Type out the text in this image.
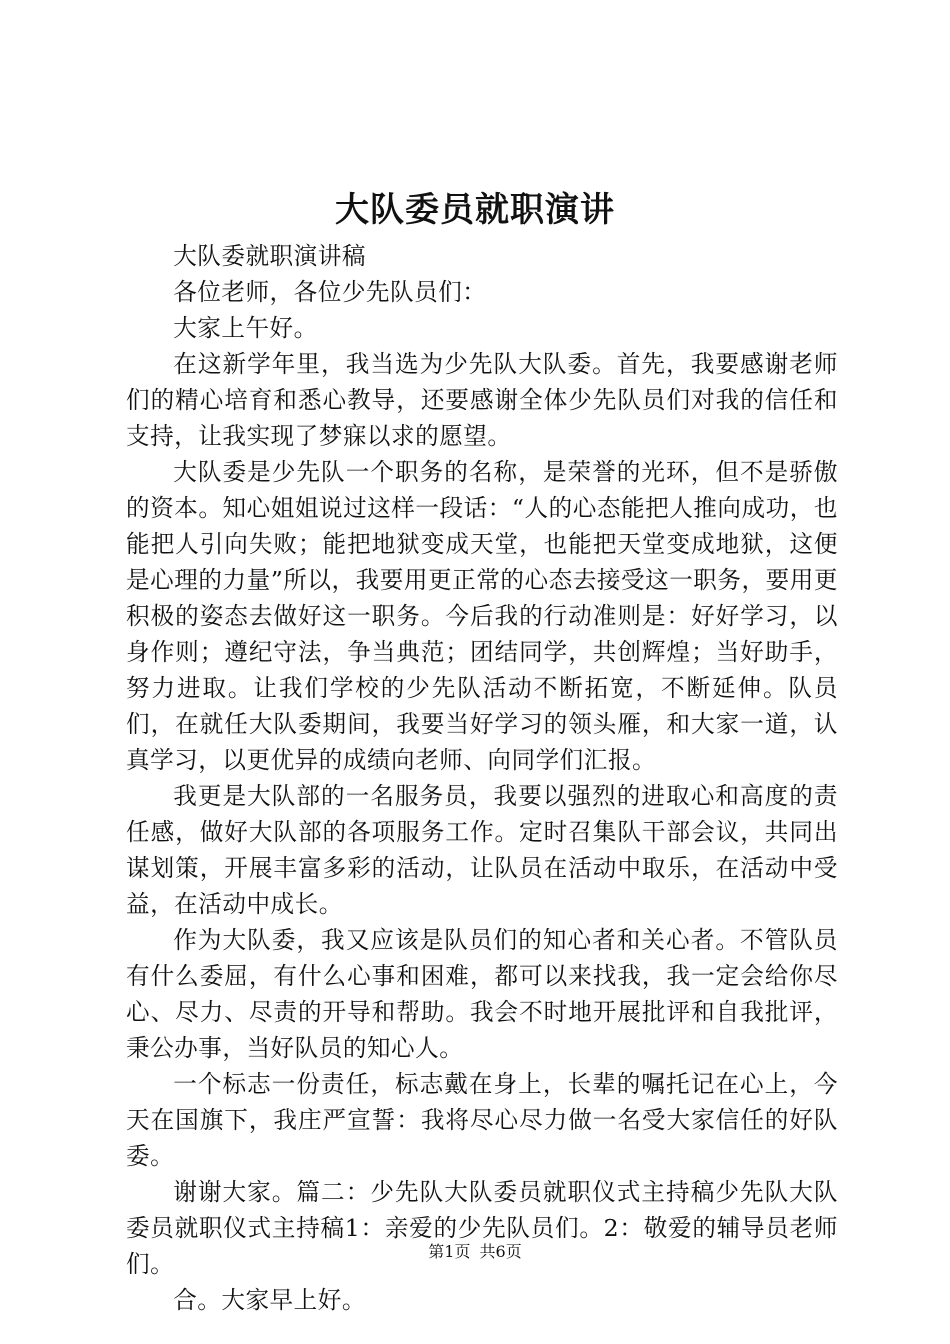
大队委员就职演讲

大队委就职演讲稿

各位老师，各位少先队员们：

大家上午好。

在这新学年里，我当选为少先队大队委。首先，我要感谢老师们的精心培育和悉心教导，还要感谢全体少先队员们对我的信任和支持，让我实现了梦寐以求的愿望。

大队委是少先队一个职务的名称，是荣誉的光环，但不是骄傲的资本。知心姐姐说过这样一段话：“人的心态能把人推向成功，也能把人引向失败；能把地狱变成天堂，也能把天堂变成地狱，这便是心理的力量”所以，我要用更正常的心态去接受这一职务，要用更积极的姿态去做好这一职务。今后我的行动准则是：好好学习，以身作则；遵纪守法，争当典范；团结同学，共创辉煌；当好助手，努力进取。让我们学校的少先队活动不断拓宽，不断延伸。队员们，在就任大队委期间，我要当好学习的领头雁，和大家一道，认真学习，以更优异的成绩向老师、向同学们汇报。

我更是大队部的一名服务员，我要以强烈的进取心和高度的责任感，做好大队部的各项服务工作。定时召集队干部会议，共同出谋划策，开展丰富多彩的活动，让队员在活动中取乐，在活动中受益，在活动中成长。

作为大队委，我又应该是队员们的知心者和关心者。不管队员有什么委屈，有什么心事和困难，都可以来找我，我一定会给你尽心、尽力、尽责的开导和帮助。我会不时地开展批评和自我批评，秉公办事，当好队员的知心人。

一个标志一份责任，标志戴在身上，长辈的嘱托记在心上，今天在国旗下，我庄严宣誓：我将尽心尽力做一名受大家信任的好队委。

谢谢大家。篇二：少先队大队委员就职仪式主持稿少先队大队委员就职仪式主持稿1：亲爱的少先队员们。2：敬爱的辅导员老师们。

合。大家早上好。

第1页 共6页
